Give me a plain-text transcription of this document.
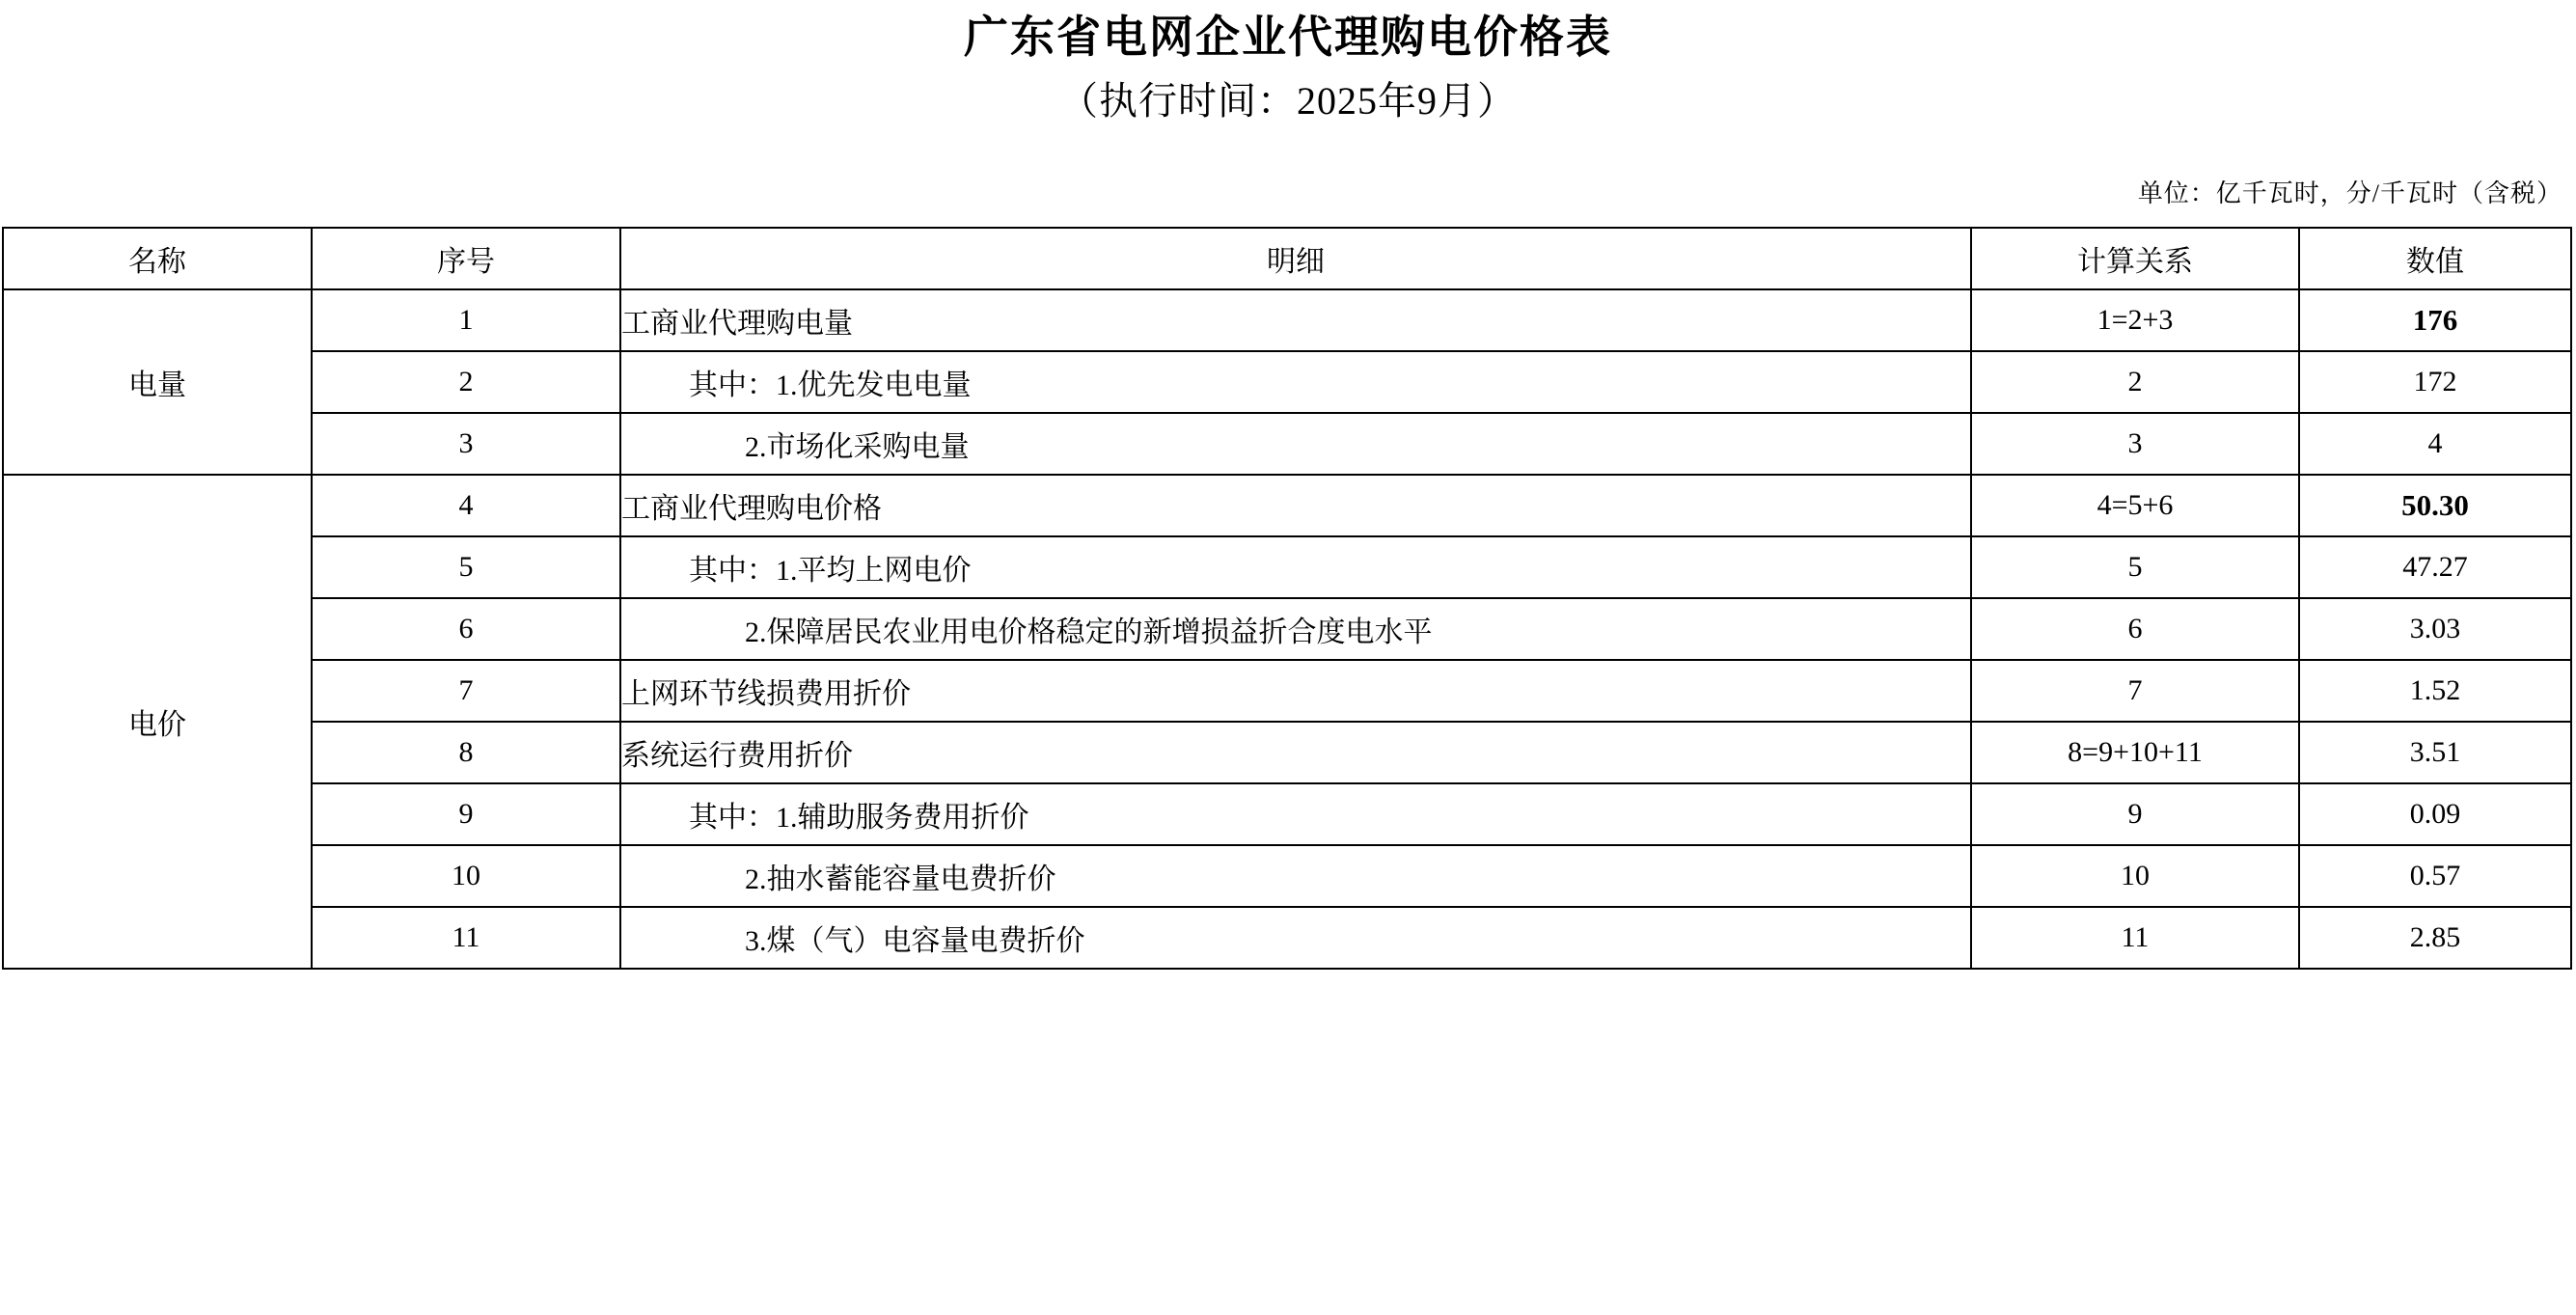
广东省电网企业代理购电价格表
（执行时间：2025年9月）
单位：亿千瓦时，分/千瓦时（含税）
名称	序号	明细	计算关系	数值
电量	1	工商业代理购电量	1=2+3	176
	2	其中：1.优先发电电量	2	172
	3	2.市场化采购电量	3	4
电价	4	工商业代理购电价格	4=5+6	50.30
	5	其中：1.平均上网电价	5	47.27
	6	2.保障居民农业用电价格稳定的新增损益折合度电水平	6	3.03
	7	上网环节线损费用折价	7	1.52
	8	系统运行费用折价	8=9+10+11	3.51
	9	其中：1.辅助服务费用折价	9	0.09
	10	2.抽水蓄能容量电费折价	10	0.57
	11	3.煤（气）电容量电费折价	11	2.85
